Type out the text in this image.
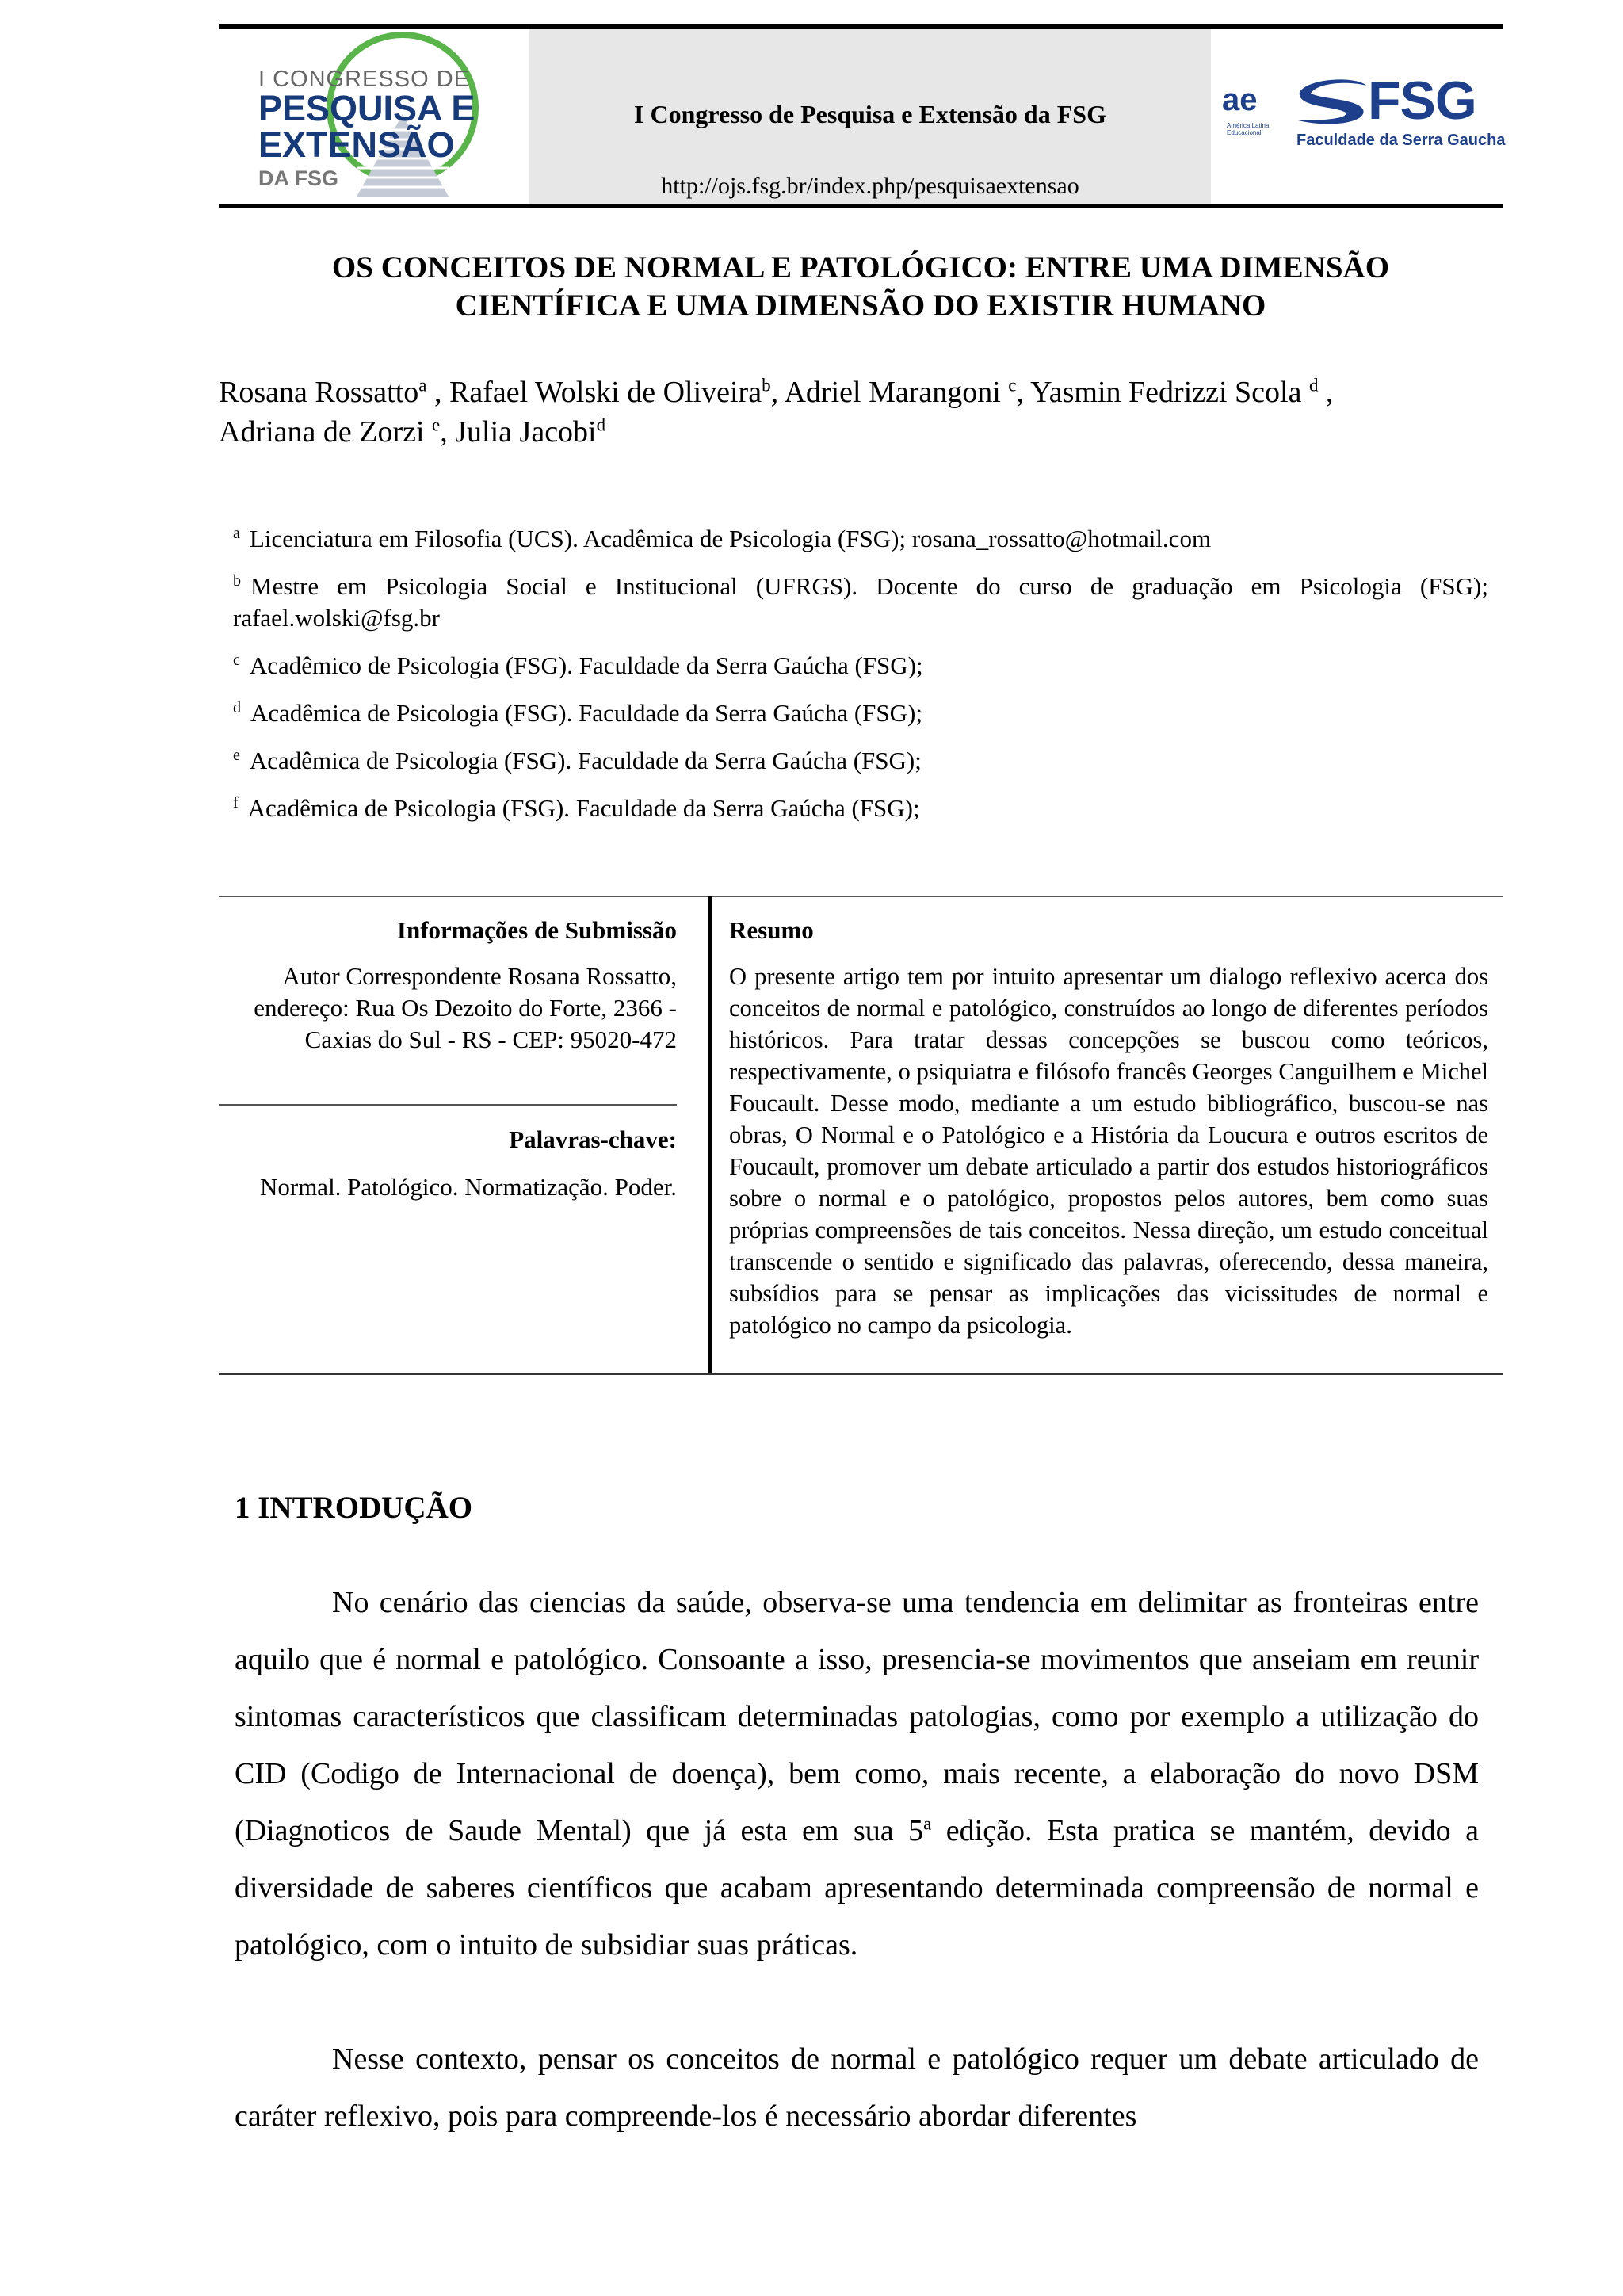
I CONGRESSO DE
PESQUISA E
EXTENSÃO
DA FSG
I Congresso de Pesquisa e Extensão da FSG
http://ojs.fsg.br/index.php/pesquisaextensao
ae
América Latina Educacional
FSG
Faculdade da Serra Gaucha
OS CONCEITOS DE NORMAL E PATOLÓGICO: ENTRE UMA DIMENSÃO
CIENTÍFICA E UMA DIMENSÃO DO EXISTIR HUMANO
Rosana Rossatto$^a$ , Rafael Wolski de Oliveira$^b$, Adriel Marangoni $^c$, Yasmin Fedrizzi Scola $^d$ ,
Adriana de Zorzi $^e$, Julia Jacobi$^d$
$^a$ Licenciatura em Filosofia (UCS). Acadêmica de Psicologia (FSG); rosana_rossatto@hotmail.com
$^b$ Mestre em Psicologia Social e Institucional (UFRGS). Docente do curso de graduação em Psicologia (FSG); rafael.wolski@fsg.br
$^c$ Acadêmico de Psicologia (FSG). Faculdade da Serra Gaúcha (FSG);
$^d$ Acadêmica de Psicologia (FSG). Faculdade da Serra Gaúcha (FSG);
$^e$ Acadêmica de Psicologia (FSG). Faculdade da Serra Gaúcha (FSG);
$^f$ Acadêmica de Psicologia (FSG). Faculdade da Serra Gaúcha (FSG);
Informações de Submissão
Autor Correspondente Rosana Rossatto, endereço: Rua Os Dezoito do Forte, 2366 - Caxias do Sul - RS - CEP: 95020-472
Palavras-chave:
Normal. Patológico. Normatização. Poder.
Resumo
O presente artigo tem por intuito apresentar um dialogo reflexivo acerca dos conceitos de normal e patológico, construídos ao longo de diferentes períodos históricos. Para tratar dessas concepções se buscou como teóricos, respectivamente, o psiquiatra e filósofo francês Georges Canguilhem e Michel Foucault. Desse modo, mediante a um estudo bibliográfico, buscou-se nas obras, O Normal e o Patológico e a História da Loucura e outros escritos de Foucault, promover um debate articulado a partir dos estudos historiográficos sobre o normal e o patológico, propostos pelos autores, bem como suas próprias compreensões de tais conceitos. Nessa direção, um estudo conceitual transcende o sentido e significado das palavras, oferecendo, dessa maneira, subsídios para se pensar as implicações das vicissitudes de normal e patológico no campo da psicologia.
1 INTRODUÇÃO
No cenário das ciencias da saúde, observa-se uma tendencia em delimitar as fronteiras entre aquilo que é normal e patológico. Consoante a isso, presencia-se movimentos que anseiam em reunir sintomas característicos que classificam determinadas patologias, como por exemplo a utilização do CID (Codigo de Internacional de doença), bem como, mais recente, a elaboração do novo DSM (Diagnoticos de Saude Mental) que já esta em sua 5$^a$ edição. Esta pratica se mantém, devido a diversidade de saberes científicos que acabam apresentando determinada compreensão de normal e patológico, com o intuito de subsidiar suas práticas.
Nesse contexto, pensar os conceitos de normal e patológico requer um debate articulado de caráter reflexivo, pois para compreende-los é necessário abordar diferentes
